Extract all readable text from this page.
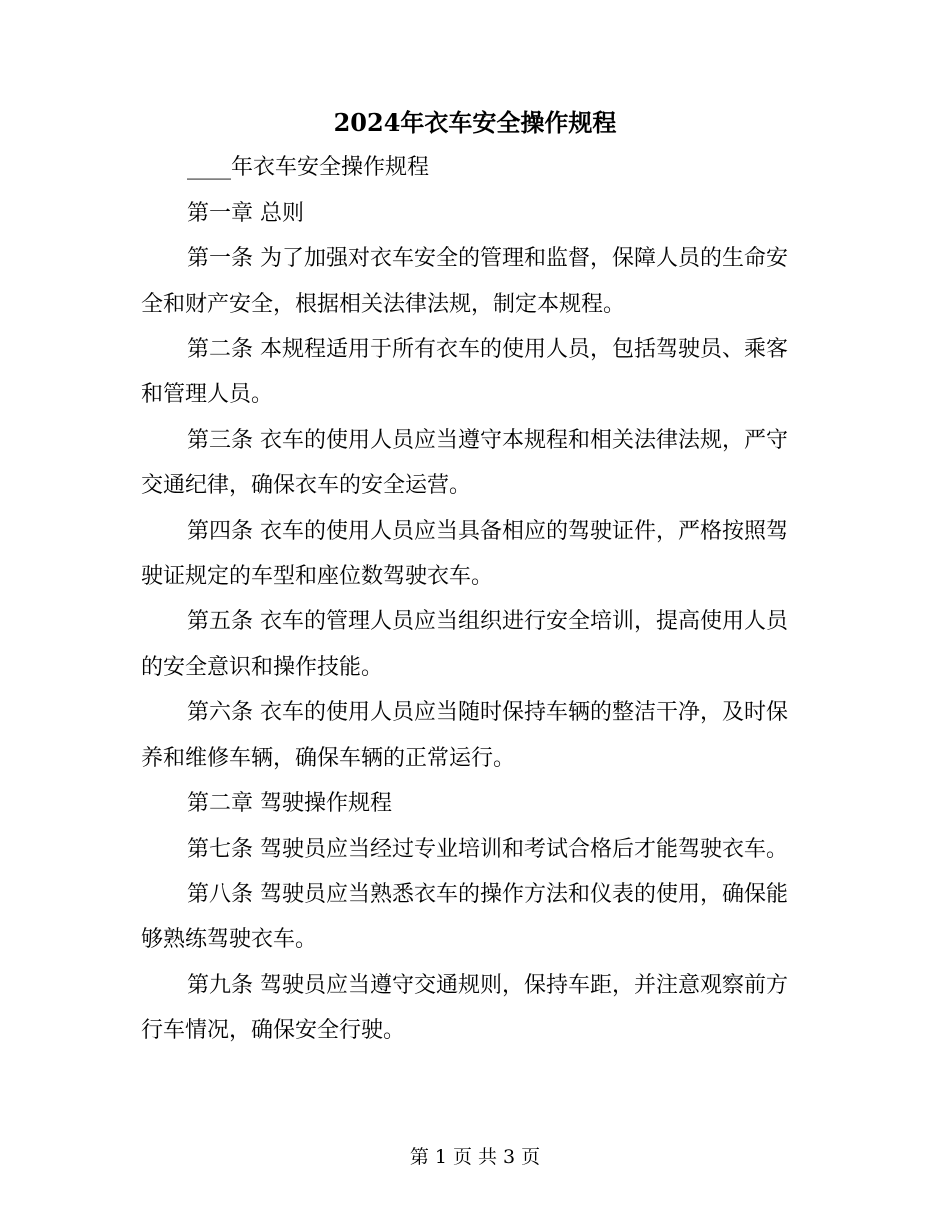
2024年衣车安全操作规程

____年衣车安全操作规程

第一章 总则

第一条 为了加强对衣车安全的管理和监督，保障人员的生命安全和财产安全，根据相关法律法规，制定本规程。

第二条 本规程适用于所有衣车的使用人员，包括驾驶员、乘客和管理人员。

第三条 衣车的使用人员应当遵守本规程和相关法律法规，严守交通纪律，确保衣车的安全运营。

第四条 衣车的使用人员应当具备相应的驾驶证件，严格按照驾驶证规定的车型和座位数驾驶衣车。

第五条 衣车的管理人员应当组织进行安全培训，提高使用人员的安全意识和操作技能。

第六条 衣车的使用人员应当随时保持车辆的整洁干净，及时保养和维修车辆，确保车辆的正常运行。

第二章 驾驶操作规程

第七条 驾驶员应当经过专业培训和考试合格后才能驾驶衣车。

第八条 驾驶员应当熟悉衣车的操作方法和仪表的使用，确保能够熟练驾驶衣车。

第九条 驾驶员应当遵守交通规则，保持车距，并注意观察前方行车情况，确保安全行驶。

第 1 页 共 3 页
